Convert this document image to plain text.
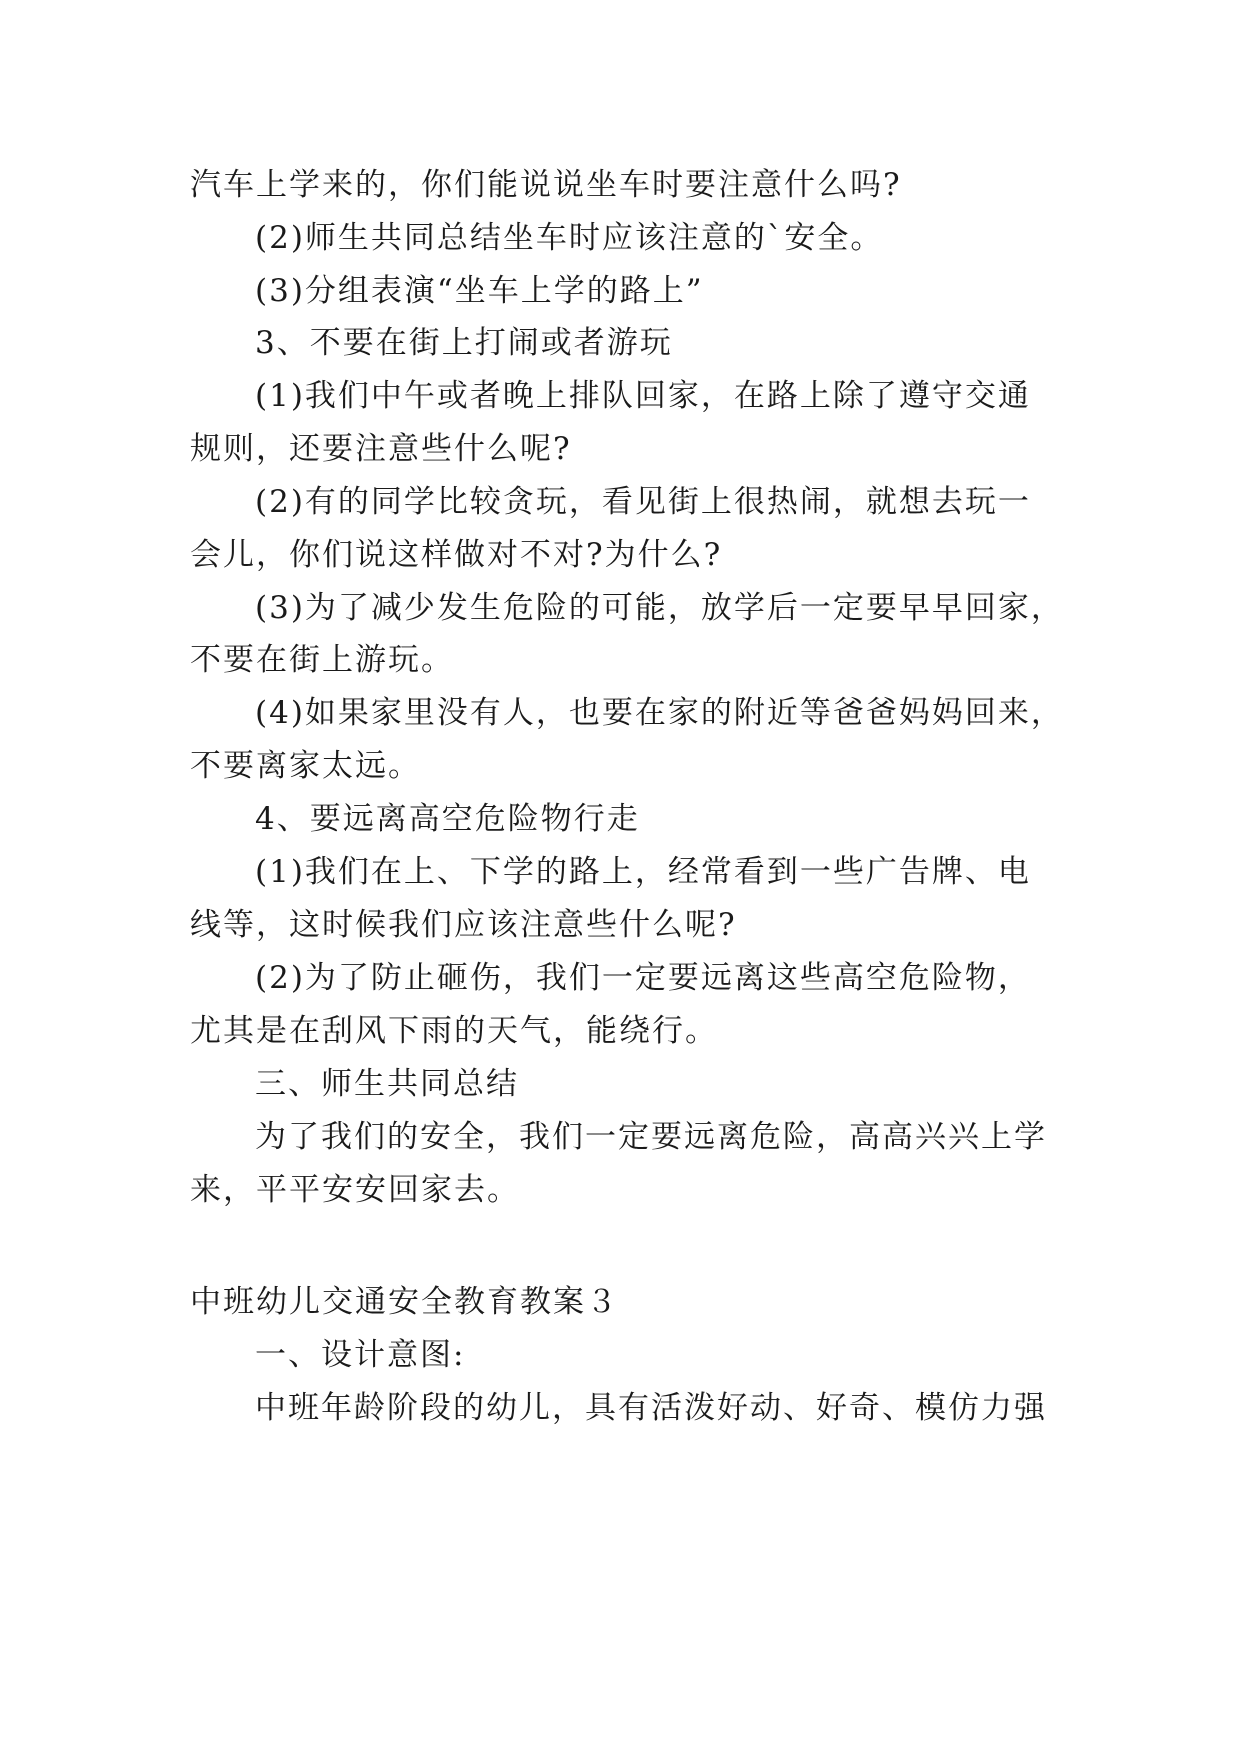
汽车上学来的，你们能说说坐车时要注意什么吗?
(2)师生共同总结坐车时应该注意的`安全。
(3)分组表演“坐车上学的路上”
3、不要在街上打闹或者游玩
(1)我们中午或者晚上排队回家，在路上除了遵守交通
规则，还要注意些什么呢?
(2)有的同学比较贪玩，看见街上很热闹，就想去玩一
会儿，你们说这样做对不对?为什么?
(3)为了减少发生危险的可能，放学后一定要早早回家，
不要在街上游玩。
(4)如果家里没有人，也要在家的附近等爸爸妈妈回来，
不要离家太远。
4、要远离高空危险物行走
(1)我们在上、下学的路上，经常看到一些广告牌、电
线等，这时候我们应该注意些什么呢?
(2)为了防止砸伤，我们一定要远离这些高空危险物，
尤其是在刮风下雨的天气，能绕行。
三、师生共同总结
为了我们的安全，我们一定要远离危险，高高兴兴上学
来，平平安安回家去。
中班幼儿交通安全教育教案３
一、设计意图:
中班年龄阶段的幼儿，具有活泼好动、好奇、模仿力强
